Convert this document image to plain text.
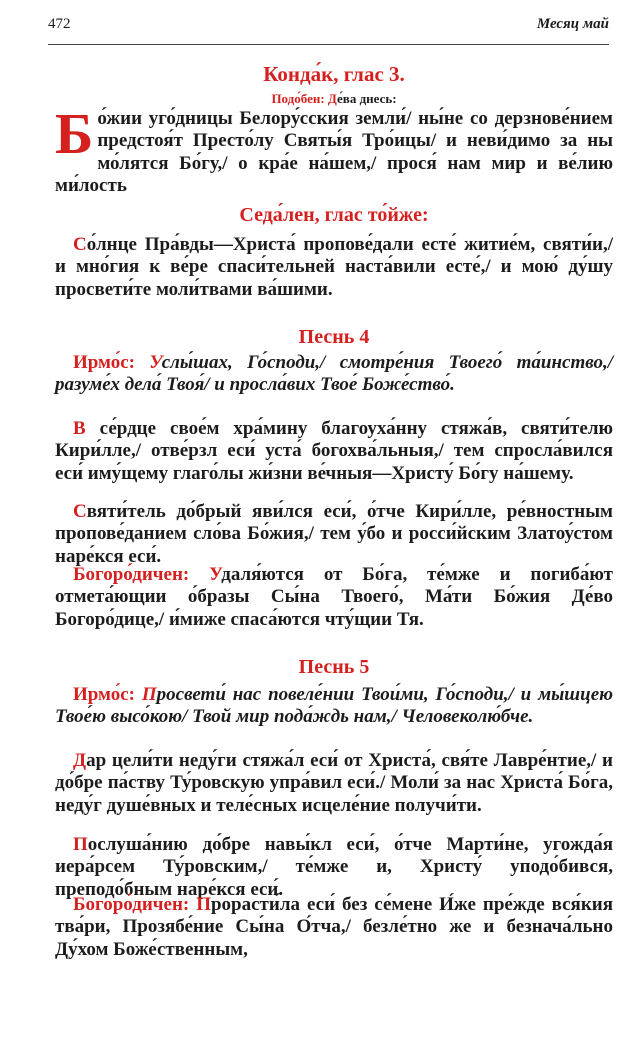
472	Месяц май
Конда́к, глас 3.
Подо́бен: Де́ва днесь:
Бо́жии уго́дницы Белору́сския земли́/ ны́не со дерзнове́нием предстоя́т Престо́лу Святы́я Тро́ицы/ и неви́димо за ны мо́лятся Бо́гу,/ о кра́е на́шем,/ прося́ нам мир и ве́лию ми́лость
Седа́лен, глас то́йже:
Со́лнце Пра́вды—Христа́ пропове́дали есте́ житие́м, святи́и,/ и мно́гия к ве́ре спаси́тельней наста́вили есте́,/ и мою́ ду́шу просвети́те моли́твами ва́шими.
Песнь 4
Ирмо́с: Услы́шах, Го́споди,/ смотре́ния Твоего́ та́инство,/ разуме́х дела́ Твоя́/ и просла́вих Твое́ Боже́ство́.
В се́рдце свое́м хра́мину благоуха́нну стяжа́в, святи́телю Кири́лле,/ отве́рзл еси́ уста́ богохва́льныя,/ тем спросла́вился еси́ иму́щему глаго́лы жи́зни ве́чныя—Христу́ Бо́гу на́шему.
Святи́тель до́брый яви́лся еси́, о́тче Кири́лле, ре́вностным пропове́данием сло́ва Бо́жия,/ тем у́бо и росси́йским Златоу́стом наре́кся еси́.
Богоро́дичен: Удаля́ются от Бо́га, те́мже и погиба́ют отмета́ющии о́бразы Сы́на Твоего́, Ма́ти Бо́жия Де́во Богоро́дице,/ и́миже спаса́ются чту́щии Тя.
Песнь 5
Ирмо́с: Просвети́ нас повеле́нии Твои́ми, Го́споди,/ и мы́шцею Твое́ю высо́кою/ Твой мир пода́ждь нам,/ Человеколю́бче.
Дар цели́ти неду́ги стяжа́л еси́ от Христа́, свя́те Лавре́нтие,/ и до́бре па́ству Ту́ровскую упра́вил еси́./ Моли́ за нас Христа́ Бо́га, неду́г душе́вных и теле́сных исцеле́ние получи́ти.
Послуша́нию до́бре навы́кл еси́, о́тче Марти́не, угожда́я иера́рсем Ту́ровским,/ те́мже и, Христу́ уподо́бився, преподо́бным наре́кся еси́.
Богоро́дичен: Прорасти́ла еси́ без се́мене И́же пре́жде вся́кия тва́ри, Прозябе́ние Сы́на О́тча,/ безле́тно же и безнача́льно Ду́хом Боже́ственным,
